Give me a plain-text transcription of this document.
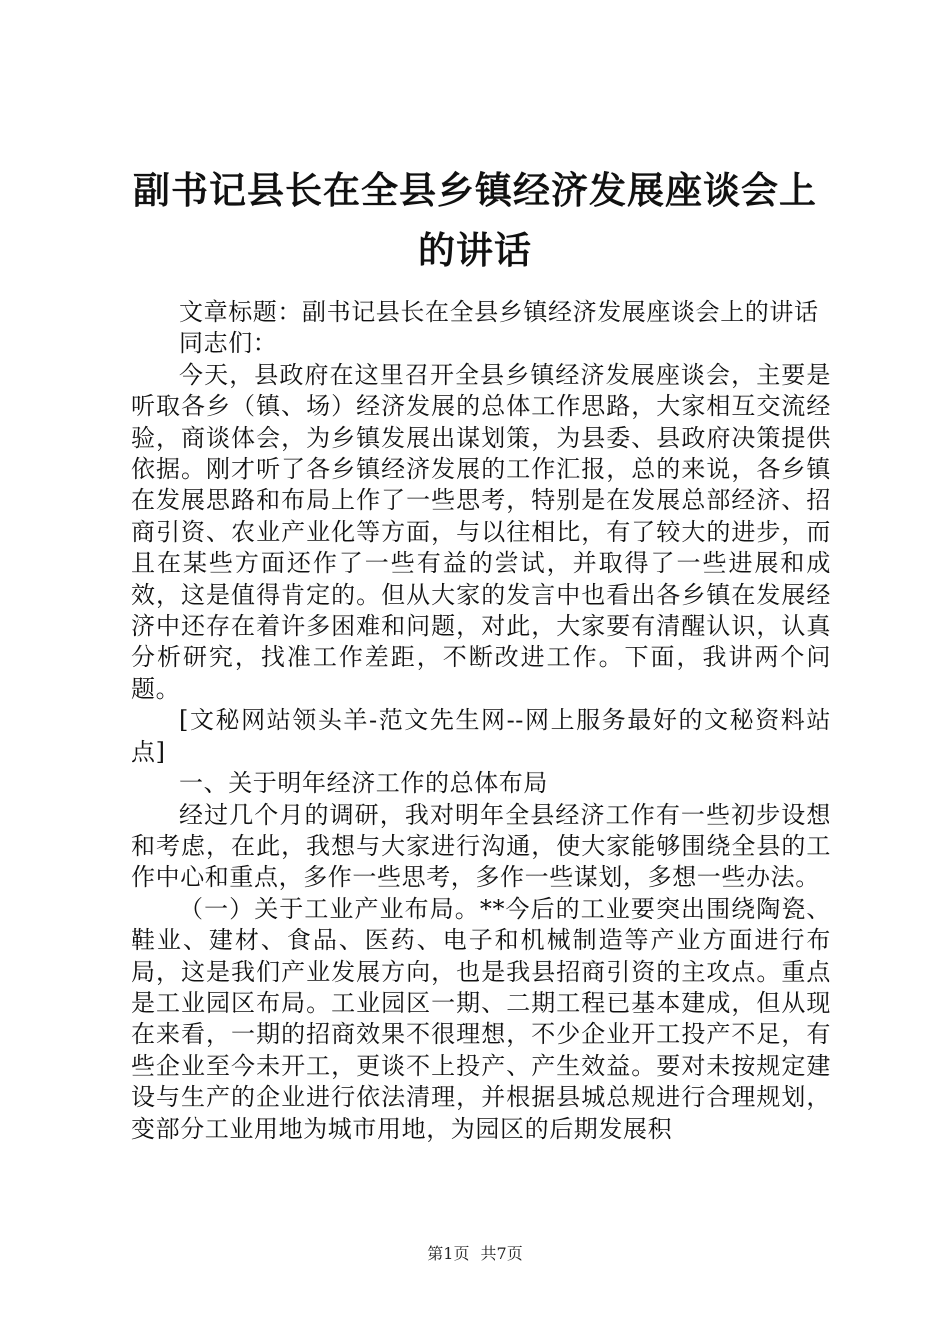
副书记县长在全县乡镇经济发展座谈会上的讲话

文章标题：副书记县长在全县乡镇经济发展座谈会上的讲话

同志们：

今天，县政府在这里召开全县乡镇经济发展座谈会，主要是听取各乡（镇、场）经济发展的总体工作思路，大家相互交流经验，商谈体会，为乡镇发展出谋划策，为县委、县政府决策提供依据。刚才听了各乡镇经济发展的工作汇报，总的来说，各乡镇在发展思路和布局上作了一些思考，特别是在发展总部经济、招商引资、农业产业化等方面，与以往相比，有了较大的进步，而且在某些方面还作了一些有益的尝试，并取得了一些进展和成效，这是值得肯定的。但从大家的发言中也看出各乡镇在发展经济中还存在着许多困难和问题，对此，大家要有清醒认识，认真分析研究，找准工作差距，不断改进工作。下面，我讲两个问题。

[文秘网站领头羊-范文先生网--网上服务最好的文秘资料站点]

一、关于明年经济工作的总体布局

经过几个月的调研，我对明年全县经济工作有一些初步设想和考虑，在此，我想与大家进行沟通，使大家能够围绕全县的工作中心和重点，多作一些思考，多作一些谋划，多想一些办法。

（一）关于工业产业布局。**今后的工业要突出围绕陶瓷、鞋业、建材、食品、医药、电子和机械制造等产业方面进行布局，这是我们产业发展方向，也是我县招商引资的主攻点。重点是工业园区布局。工业园区一期、二期工程已基本建成，但从现在来看，一期的招商效果不很理想，不少企业开工投产不足，有些企业至今未开工，更谈不上投产、产生效益。要对未按规定建设与生产的企业进行依法清理，并根据县城总规进行合理规划，变部分工业用地为城市用地，为园区的后期发展积

第1页 共7页
